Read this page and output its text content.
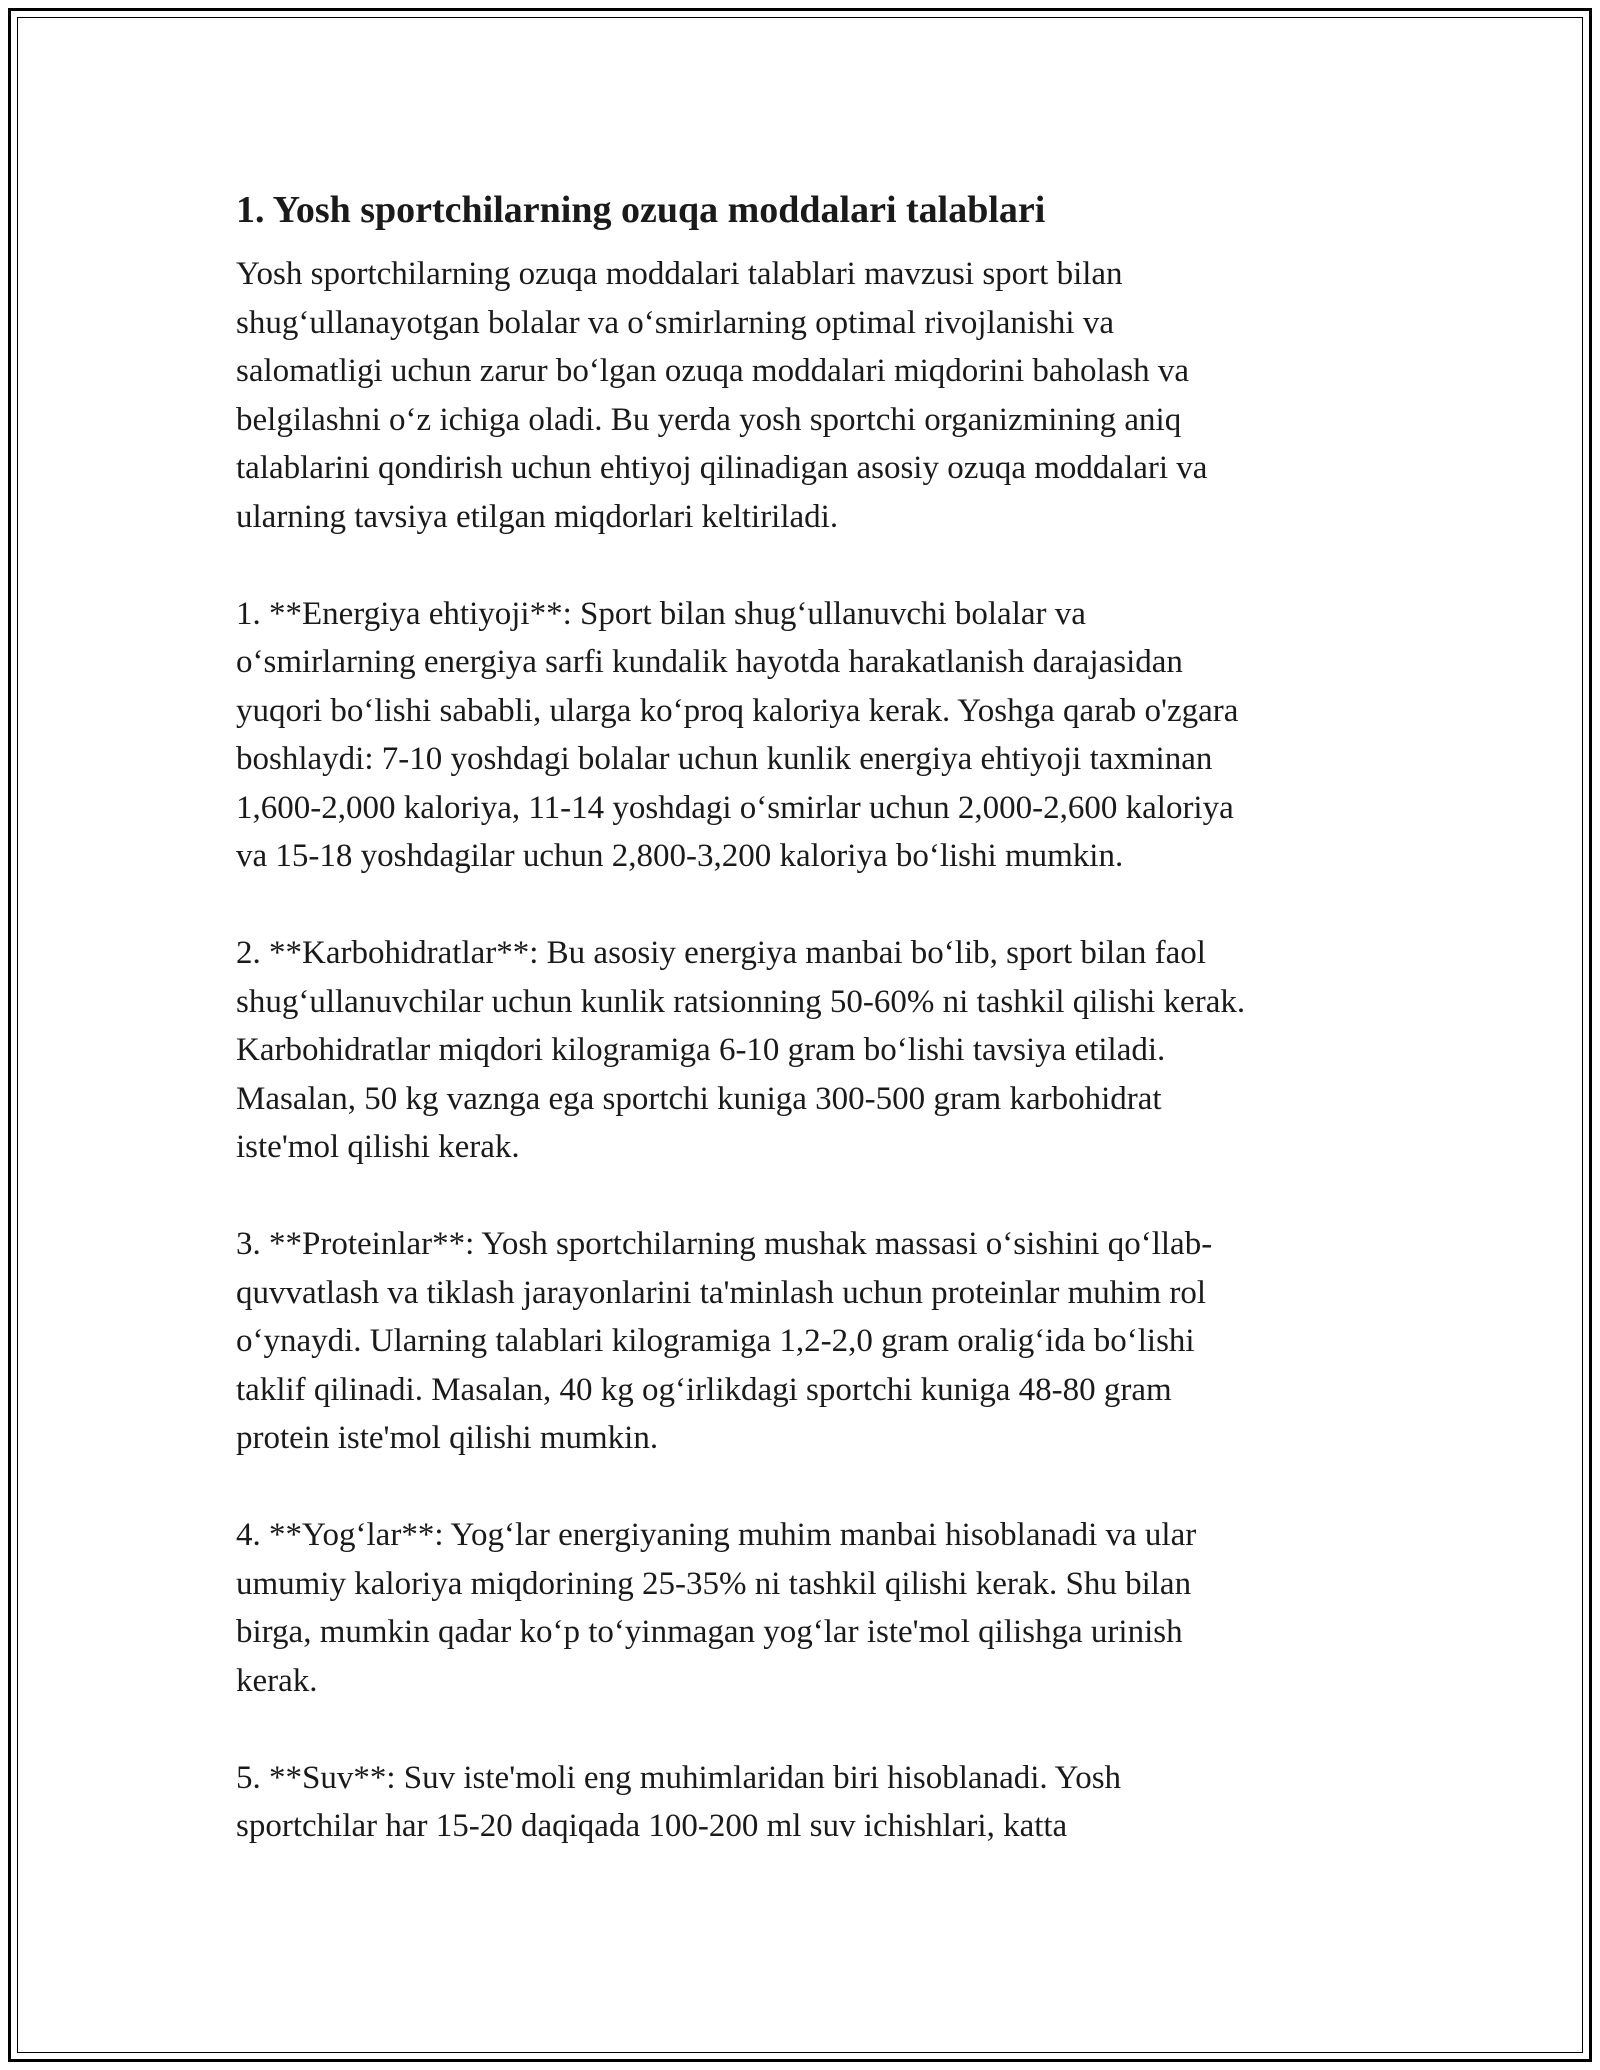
1. Yosh sportchilarning ozuqa moddalari talablari
Yosh sportchilarning ozuqa moddalari talablari mavzusi sport bilan
shug‘ullanayotgan bolalar va o‘smirlarning optimal rivojlanishi va
salomatligi uchun zarur bo‘lgan ozuqa moddalari miqdorini baholash va
belgilashni o‘z ichiga oladi. Bu yerda yosh sportchi organizmining aniq
talablarini qondirish uchun ehtiyoj qilinadigan asosiy ozuqa moddalari va
ularning tavsiya etilgan miqdorlari keltiriladi.
1. **Energiya ehtiyoji**: Sport bilan shug‘ullanuvchi bolalar va
o‘smirlarning energiya sarfi kundalik hayotda harakatlanish darajasidan
yuqori bo‘lishi sababli, ularga ko‘proq kaloriya kerak. Yoshga qarab o'zgara
boshlaydi: 7-10 yoshdagi bolalar uchun kunlik energiya ehtiyoji taxminan
1,600-2,000 kaloriya, 11-14 yoshdagi o‘smirlar uchun 2,000-2,600 kaloriya
va 15-18 yoshdagilar uchun 2,800-3,200 kaloriya bo‘lishi mumkin.
2. **Karbohidratlar**: Bu asosiy energiya manbai bo‘lib, sport bilan faol
shug‘ullanuvchilar uchun kunlik ratsionning 50-60% ni tashkil qilishi kerak.
Karbohidratlar miqdori kilogramiga 6-10 gram bo‘lishi tavsiya etiladi.
Masalan, 50 kg vaznga ega sportchi kuniga 300-500 gram karbohidrat
iste'mol qilishi kerak.
3. **Proteinlar**: Yosh sportchilarning mushak massasi o‘sishini qo‘llab-
quvvatlash va tiklash jarayonlarini ta'minlash uchun proteinlar muhim rol
o‘ynaydi. Ularning talablari kilogramiga 1,2-2,0 gram oralig‘ida bo‘lishi
taklif qilinadi. Masalan, 40 kg og‘irlikdagi sportchi kuniga 48-80 gram
protein iste'mol qilishi mumkin.
4. **Yog‘lar**: Yog‘lar energiyaning muhim manbai hisoblanadi va ular
umumiy kaloriya miqdorining 25-35% ni tashkil qilishi kerak. Shu bilan
birga, mumkin qadar ko‘p to‘yinmagan yog‘lar iste'mol qilishga urinish
kerak.
5. **Suv**: Suv iste'moli eng muhimlaridan biri hisoblanadi. Yosh
sportchilar har 15-20 daqiqada 100-200 ml suv ichishlari, katta
